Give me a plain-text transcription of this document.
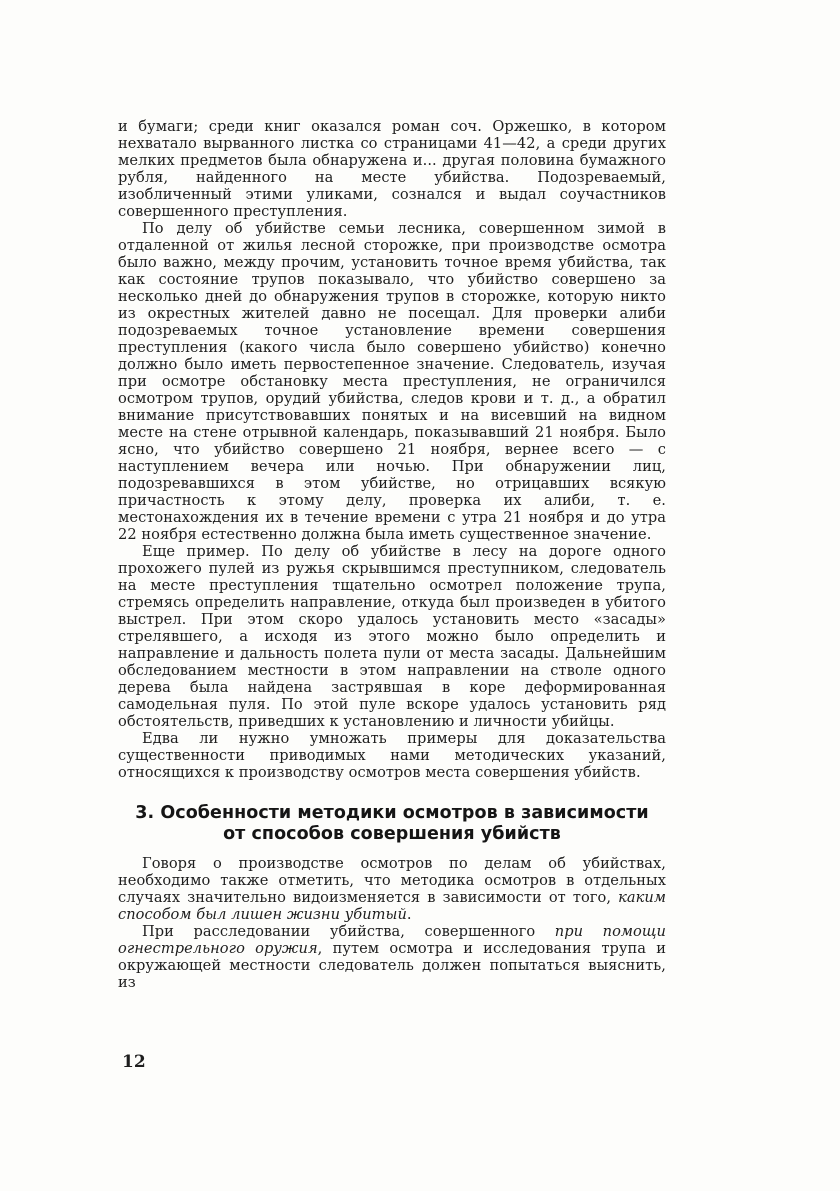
и бумаги; среди книг оказался роман соч. Оржешко, в котором нехватало вырванного листка со страницами 41—42, а среди других мелких предметов была обнаружена и... другая половина бумажного рубля, найденного на месте убийства. Подозреваемый, изобличенный этими уликами, сознался и выдал соучастников совершенного преступления.

По делу об убийстве семьи лесника, совершенном зимой в отдаленной от жилья лесной сторожке, при производстве осмотра было важно, между прочим, установить точное время убийства, так как состояние трупов показывало, что убийство совершено за несколько дней до обнаружения трупов в сторожке, которую никто из окрестных жителей давно не посещал. Для проверки алиби подозреваемых точное установление времени совершения преступления (какого числа было совершено убийство) конечно должно было иметь первостепенное значение. Следователь, изучая при осмотре обстановку места преступления, не ограничился осмотром трупов, орудий убийства, следов крови и т. д., а обратил внимание присутствовавших понятых и на висевший на видном месте на стене отрывной календарь, показывавший 21 ноября. Было ясно, что убийство совершено 21 ноября, вернее всего — с наступлением вечера или ночью. При обнаружении лиц, подозревавшихся в этом убийстве, но отрицавших всякую причастность к этому делу, проверка их алиби, т. е. местонахождения их в течение времени с утра 21 ноября и до утра 22 ноября естественно должна была иметь существенное значение.

Еще пример. По делу об убийстве в лесу на дороге одного прохожего пулей из ружья скрывшимся преступником, следователь на месте преступления тщательно осмотрел положение трупа, стремясь определить направление, откуда был произведен в убитого выстрел. При этом скоро удалось установить место «засады» стрелявшего, а исходя из этого можно было определить и направление и дальность полета пули от места засады. Дальнейшим обследованием местности в этом направлении на стволе одного дерева была найдена застрявшая в коре деформированная самодельная пуля. По этой пуле вскоре удалось установить ряд обстоятельств, приведших к установлению и личности убийцы.

Едва ли нужно умножать примеры для доказательства существенности приводимых нами методических указаний, относящихся к производству осмотров места совершения убийств.

3. Особенности методики осмотров в зависимости
от способов совершения убийств

Говоря о производстве осмотров по делам об убийствах, необходимо также отметить, что методика осмотров в отдельных случаях значительно видоизменяется в зависимости от того, каким способом был лишен жизни убитый.

При расследовании убийства, совершенного при помощи огнестрельного оружия, путем осмотра и исследования трупа и окружающей местности следователь должен попытаться выяснить, из

12
